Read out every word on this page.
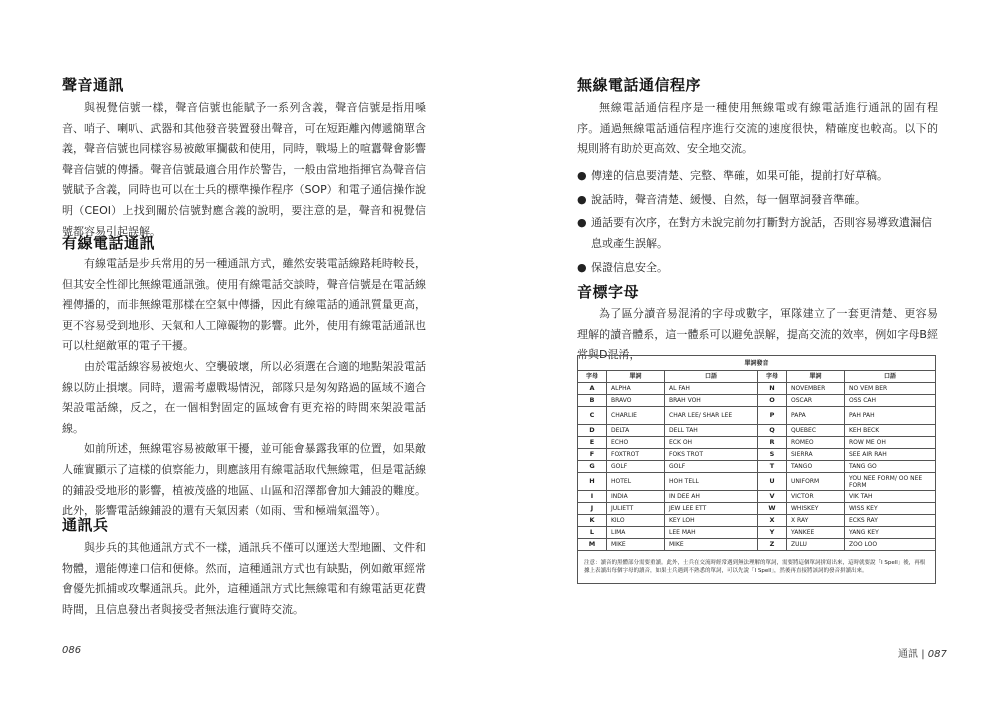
聲音通訊

與視覺信號一樣，聲音信號也能賦予一系列含義，聲音信號是指用嗓音、哨子、喇叭、武器和其他發音裝置發出聲音，可在短距離內傳遞簡單含義，聲音信號也同樣容易被敵軍攔截和使用，同時，戰場上的喧囂聲會影響聲音信號的傳播。聲音信號最適合用作於警告，一般由當地指揮官為聲音信號賦予含義，同時也可以在士兵的標準操作程序（SOP）和電子通信操作說明（CEOI）上找到關於信號對應含義的說明，要注意的是，聲音和視覺信號都容易引起誤解。

有線電話通訊

有線電話是步兵常用的另一種通訊方式，雖然安裝電話線路耗時較長，但其安全性卻比無線電通訊強。使用有線電話交談時，聲音信號是在電話線裡傳播的，而非無線電那樣在空氣中傳播，因此有線電話的通訊質量更高，更不容易受到地形、天氣和人工障礙物的影響。此外，使用有線電話通訊也可以杜絕敵軍的電子干擾。

由於電話線容易被炮火、空襲破壞，所以必須選在合適的地點架設電話線以防止損壞。同時，還需考慮戰場情況，部隊只是匆匆路過的區域不適合架設電話線，反之，在一個相對固定的區域會有更充裕的時間來架設電話線。

如前所述，無線電容易被敵軍干擾，並可能會暴露我軍的位置，如果敵人確實顯示了這樣的偵察能力，則應該用有線電話取代無線電，但是電話線的鋪設受地形的影響，植被茂盛的地區、山區和沼澤都會加大鋪設的難度。此外，影響電話線鋪設的還有天氣因素（如雨、雪和極端氣溫等）。

通訊兵

與步兵的其他通訊方式不一樣，通訊兵不僅可以運送大型地圖、文件和物體，還能傳達口信和便條。然而，這種通訊方式也有缺點，例如敵軍經常會優先抓捕或攻擊通訊兵。此外，這種通訊方式比無線電和有線電話更花費時間，且信息發出者與接受者無法進行實時交流。

086
無線電話通信程序

無線電話通信程序是一種使用無線電或有線電話進行通訊的固有程序。通過無線電話通信程序進行交流的速度很快，精確度也較高。以下的規則將有助於更高效、安全地交流。

● 傳達的信息要清楚、完整、準確，如果可能，提前打好草稿。
● 說話時，聲音清楚、緩慢、自然，每一個單詞發音準確。
● 通話要有次序，在對方未說完前勿打斷對方說話，否則容易導致遺漏信息或產生誤解。
● 保證信息安全。
音標字母

為了區分讀音易混淆的字母或數字，軍隊建立了一套更清楚、更容易理解的讀音體系，這一體系可以避免誤解，提高交流的效率，例如字母B經常與D混淆，

單詞發音					
字母	單詞	口語	字母	單詞	口語
A	ALPHA	AL FAH	N	NOVEMBER	NO VEM BER
B	BRAVO	BRAH VOH	O	OSCAR	OSS CAH
C	CHARLIE	CHAR LEE/ SHAR LEE	P	PAPA	PAH PAH
D	DELTA	DELL TAH	Q	QUEBEC	KEH BECK
E	ECHO	ECK OH	R	ROMEO	ROW ME OH
F	FOXTROT	FOKS TROT	S	SIERRA	SEE AIR RAH
G	GOLF	GOLF	T	TANGO	TANG GO
H	HOTEL	HOH TELL	U	UNIFORM	YOU NEE FORM/ OO NEE FORM
I	INDIA	IN DEE AH	V	VICTOR	VIK TAH
J	JULIETT	JEW LEE ETT	W	WHISKEY	WISS KEY
K	KILO	KEY LOH	X	X RAY	ECKS RAY
L	LIMA	LEE MAH	Y	YANKEE	YANG KEY
M	MIKE	MIKE	Z	ZULU	ZOO LOO
注意：讀音的黑體部分需要重讀。此外，士兵在交流時經常遇到無法理解的單詞，需要將這個單詞拼寫出來，這時就要說「I Spell」後，再根據上表讀出每個字母的讀音，如果士兵遇到不熟悉的單詞，可以先說「I Spell」，然後再直接將該詞的發音拼讀出來。					
通訊 | 087
